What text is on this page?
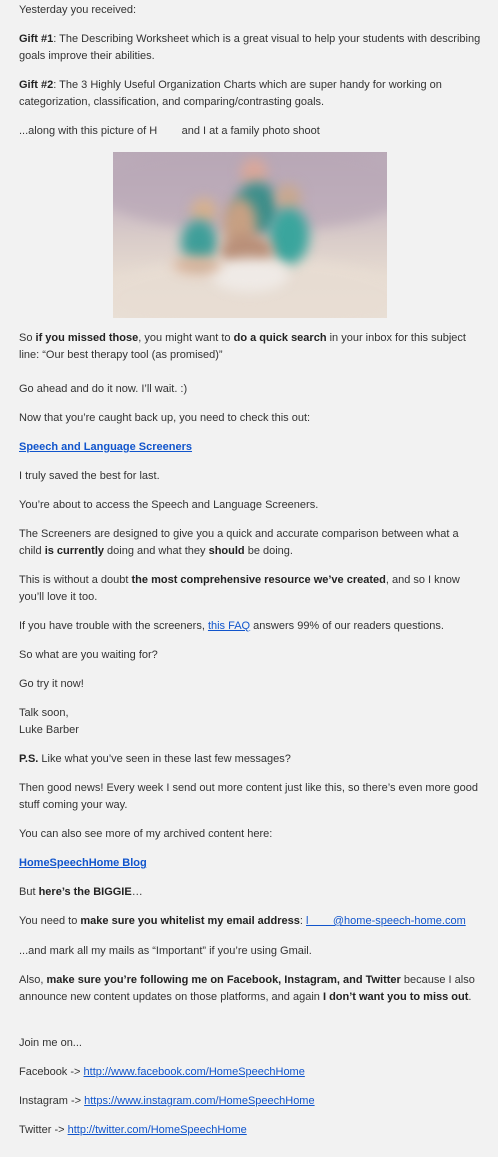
Yesterday you received:

Gift #1: The Describing Worksheet which is a great visual to help your students with describing goals improve their abilities.

Gift #2: The 3 Highly Useful Organization Charts which are super handy for working on categorization, classification, and comparing/contrasting goals.

...along with this picture of H        and I at a family photo shoot

So if you missed those, you might want to do a quick search in your inbox for this subject line: “Our best therapy tool (as promised)”

Go ahead and do it now. I’ll wait. :)

Now that you’re caught back up, you need to check this out:

Speech and Language Screeners

I truly saved the best for last.

You’re about to access the Speech and Language Screeners.

The Screeners are designed to give you a quick and accurate comparison between what a child is currently doing and what they should be doing.

This is without a doubt the most comprehensive resource we’ve created, and so I know you’ll love it too.

If you have trouble with the screeners, this FAQ answers 99% of our readers questions.

So what are you waiting for?

Go try it now!

Talk soon,
Luke Barber

P.S. Like what you’ve seen in these last few messages?

Then good news! Every week I send out more content just like this, so there’s even more good stuff coming your way.

You can also see more of my archived content here:

HomeSpeechHome Blog

But here’s the BIGGIE…

You need to make sure you whitelist my email address: l        @home-speech-home.com

...and mark all my mails as “Important” if you’re using Gmail.

Also, make sure you’re following me on Facebook, Instagram, and Twitter because I also announce new content updates on those platforms, and again I don’t want you to miss out.

Join me on...

Facebook -> http://www.facebook.com/HomeSpeechHome

Instagram -> https://www.instagram.com/HomeSpeechHome

Twitter -> http://twitter.com/HomeSpeechHome
